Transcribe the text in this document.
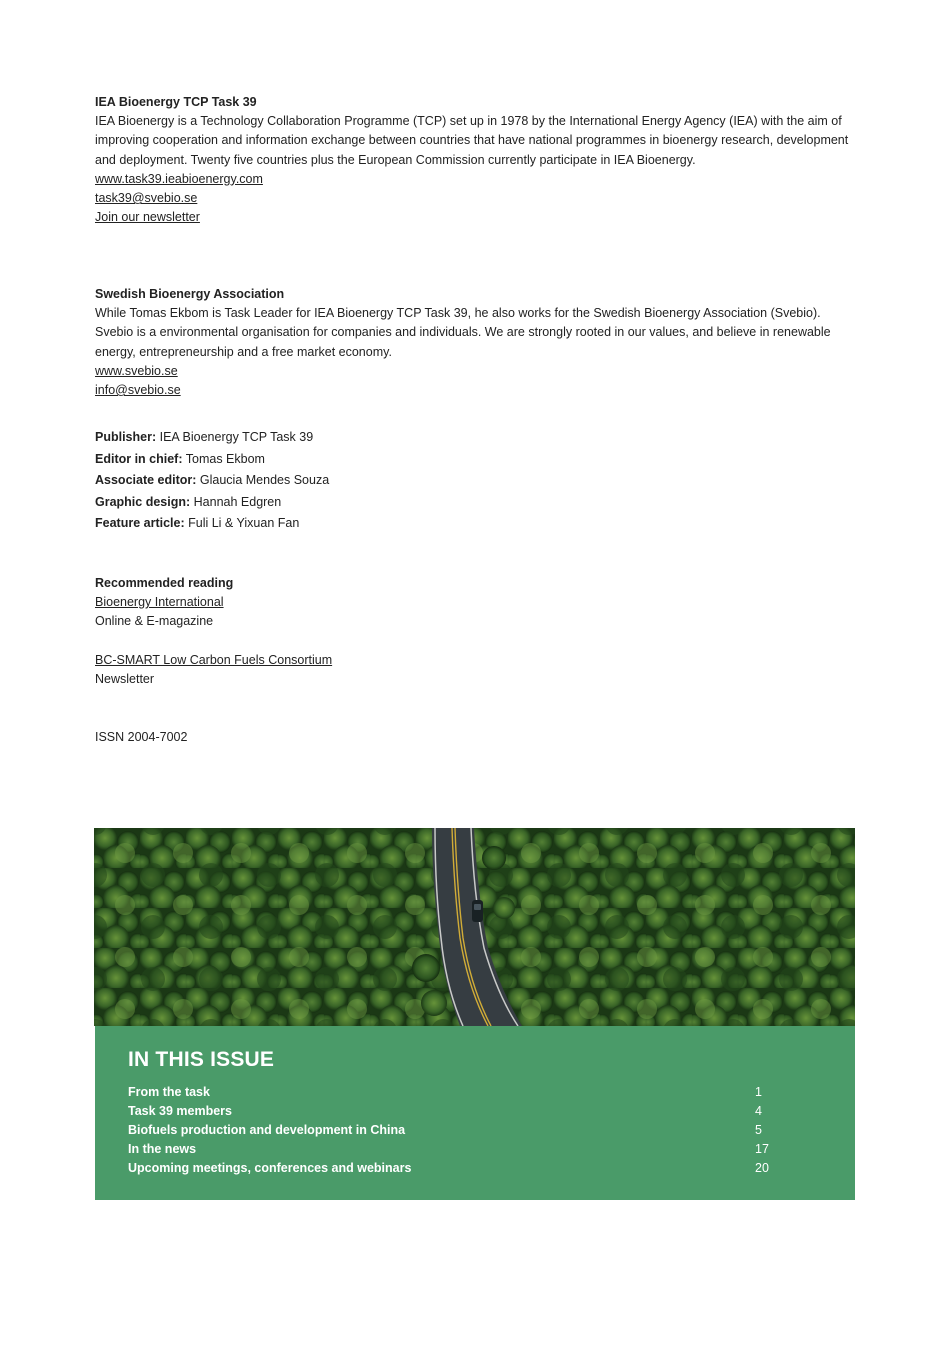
IEA Bioenergy TCP Task 39

IEA Bioenergy is a Technology Collaboration Programme (TCP) set up in 1978 by the International Energy Agency (IEA) with the aim of improving cooperation and information exchange between countries that have national programmes in bioenergy research, development and deployment. Twenty five countries plus the European Commission currently participate in IEA Bioenergy.

www.task39.ieabioenergy.com
task39@svebio.se
Join our newsletter
Swedish Bioenergy Association

While Tomas Ekbom is Task Leader for IEA Bioenergy TCP Task 39, he also works for the Swedish Bioenergy Association (Svebio). Svebio is a environmental organisation for companies and individuals. We are strongly rooted in our values, and believe in renewable energy, entrepreneurship and a free market economy.

www.svebio.se
info@svebio.se
Publisher: IEA Bioenergy TCP Task 39
Editor in chief: Tomas Ekbom
Associate editor: Glaucia Mendes Souza
Graphic design: Hannah Edgren
Feature article: Fuli Li & Yixuan Fan
Recommended reading
Bioenergy International
Online & E-magazine
BC-SMART Low Carbon Fuels Consortium
Newsletter
ISSN 2004-7002
IN THIS ISSUE
From the task	1
Task 39 members	4
Biofuels production and development in China	5
In the news	17
Upcoming meetings, conferences and webinars	20
